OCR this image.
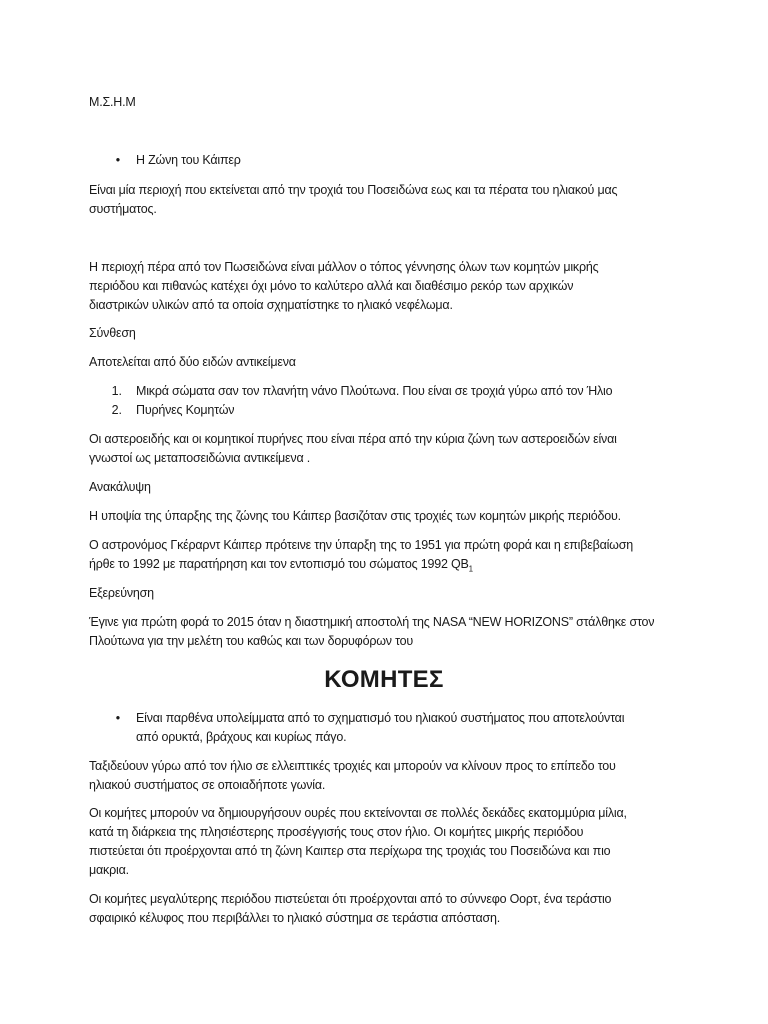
Μ.Σ.Η.Μ

• Η Ζώνη του Κάιπερ

Είναι μία περιοχή που εκτείνεται από την τροχιά του Ποσειδώνα εως και τα πέρατα του ηλιακού μας
συστήματος.

Η περιοχή πέρα από τον Πωσειδώνα είναι μάλλον ο τόπος γέννησης όλων των κομητών μικρής
περιόδου και πιθανώς κατέχει όχι μόνο το καλύτερο αλλά και διαθέσιμο ρεκόρ των αρχικών
διαστρικών υλικών από τα οποία σχηματίστηκε το ηλιακό νεφέλωμα.

Σύνθεση

Αποτελείται από δύο ειδών αντικείμενα

1. Μικρά σώματα σαν τον πλανήτη νάνο Πλούτωνα. Που είναι σε τροχιά γύρω από τον Ήλιο

2. Πυρήνες Κομητών

Οι αστεροειδής και οι κομητικοί πυρήνες που είναι πέρα από την κύρια ζώνη των αστεροειδών είναι
γνωστοί ως μεταποσειδώνια αντικείμενα .

Ανακάλυψη

Η υποψία της ύπαρξης της ζώνης του Κάιπερ βασιζόταν στις τροχιές των κομητών μικρής περιόδου.

Ο αστρονόμος Γκέραρντ Κάιπερ πρότεινε την ύπαρξη της το 1951 για πρώτη φορά και η επιβεβαίωση
ήρθε το 1992 με παρατήρηση και τον εντοπισμό του σώματος 1992 $QB_1$

Εξερεύνηση

Έγινε για πρώτη φορά το 2015 όταν η διαστημική αποστολή της NASA “NEW HORIZONS” στάλθηκε στον
Πλούτωνα για την μελέτη του καθώς και των δορυφόρων του

ΚΟΜΗΤΕΣ
• Είναι παρθένα υπολείμματα από το σχηματισμό του ηλιακού συστήματος που αποτελούνται
από ορυκτά, βράχους και κυρίως πάγο.

Ταξιδεύουν γύρω από τον ήλιο σε ελλειπτικές τροχιές και μπορούν να κλίνουν προς το επίπεδο του
ηλιακού συστήματος σε οποιαδήποτε γωνία.

Οι κομήτες μπορούν να δημιουργήσουν ουρές που εκτείνονται σε πολλές δεκάδες εκατομμύρια μίλια,
κατά τη διάρκεια της πλησιέστερης προσέγγισής τους στον ήλιο. Οι κομήτες μικρής περιόδου
πιστεύεται ότι προέρχονται από τη ζώνη Καιπερ στα περίχωρα της τροχιάς του Ποσειδώνα και πιο
μακρια.

Οι κομήτες μεγαλύτερης περιόδου πιστεύεται ότι προέρχονται από το σύννεφο Οορτ, ένα τεράστιο
σφαιρικό κέλυφος που περιβάλλει το ηλιακό σύστημα σε τεράστια απόσταση.
